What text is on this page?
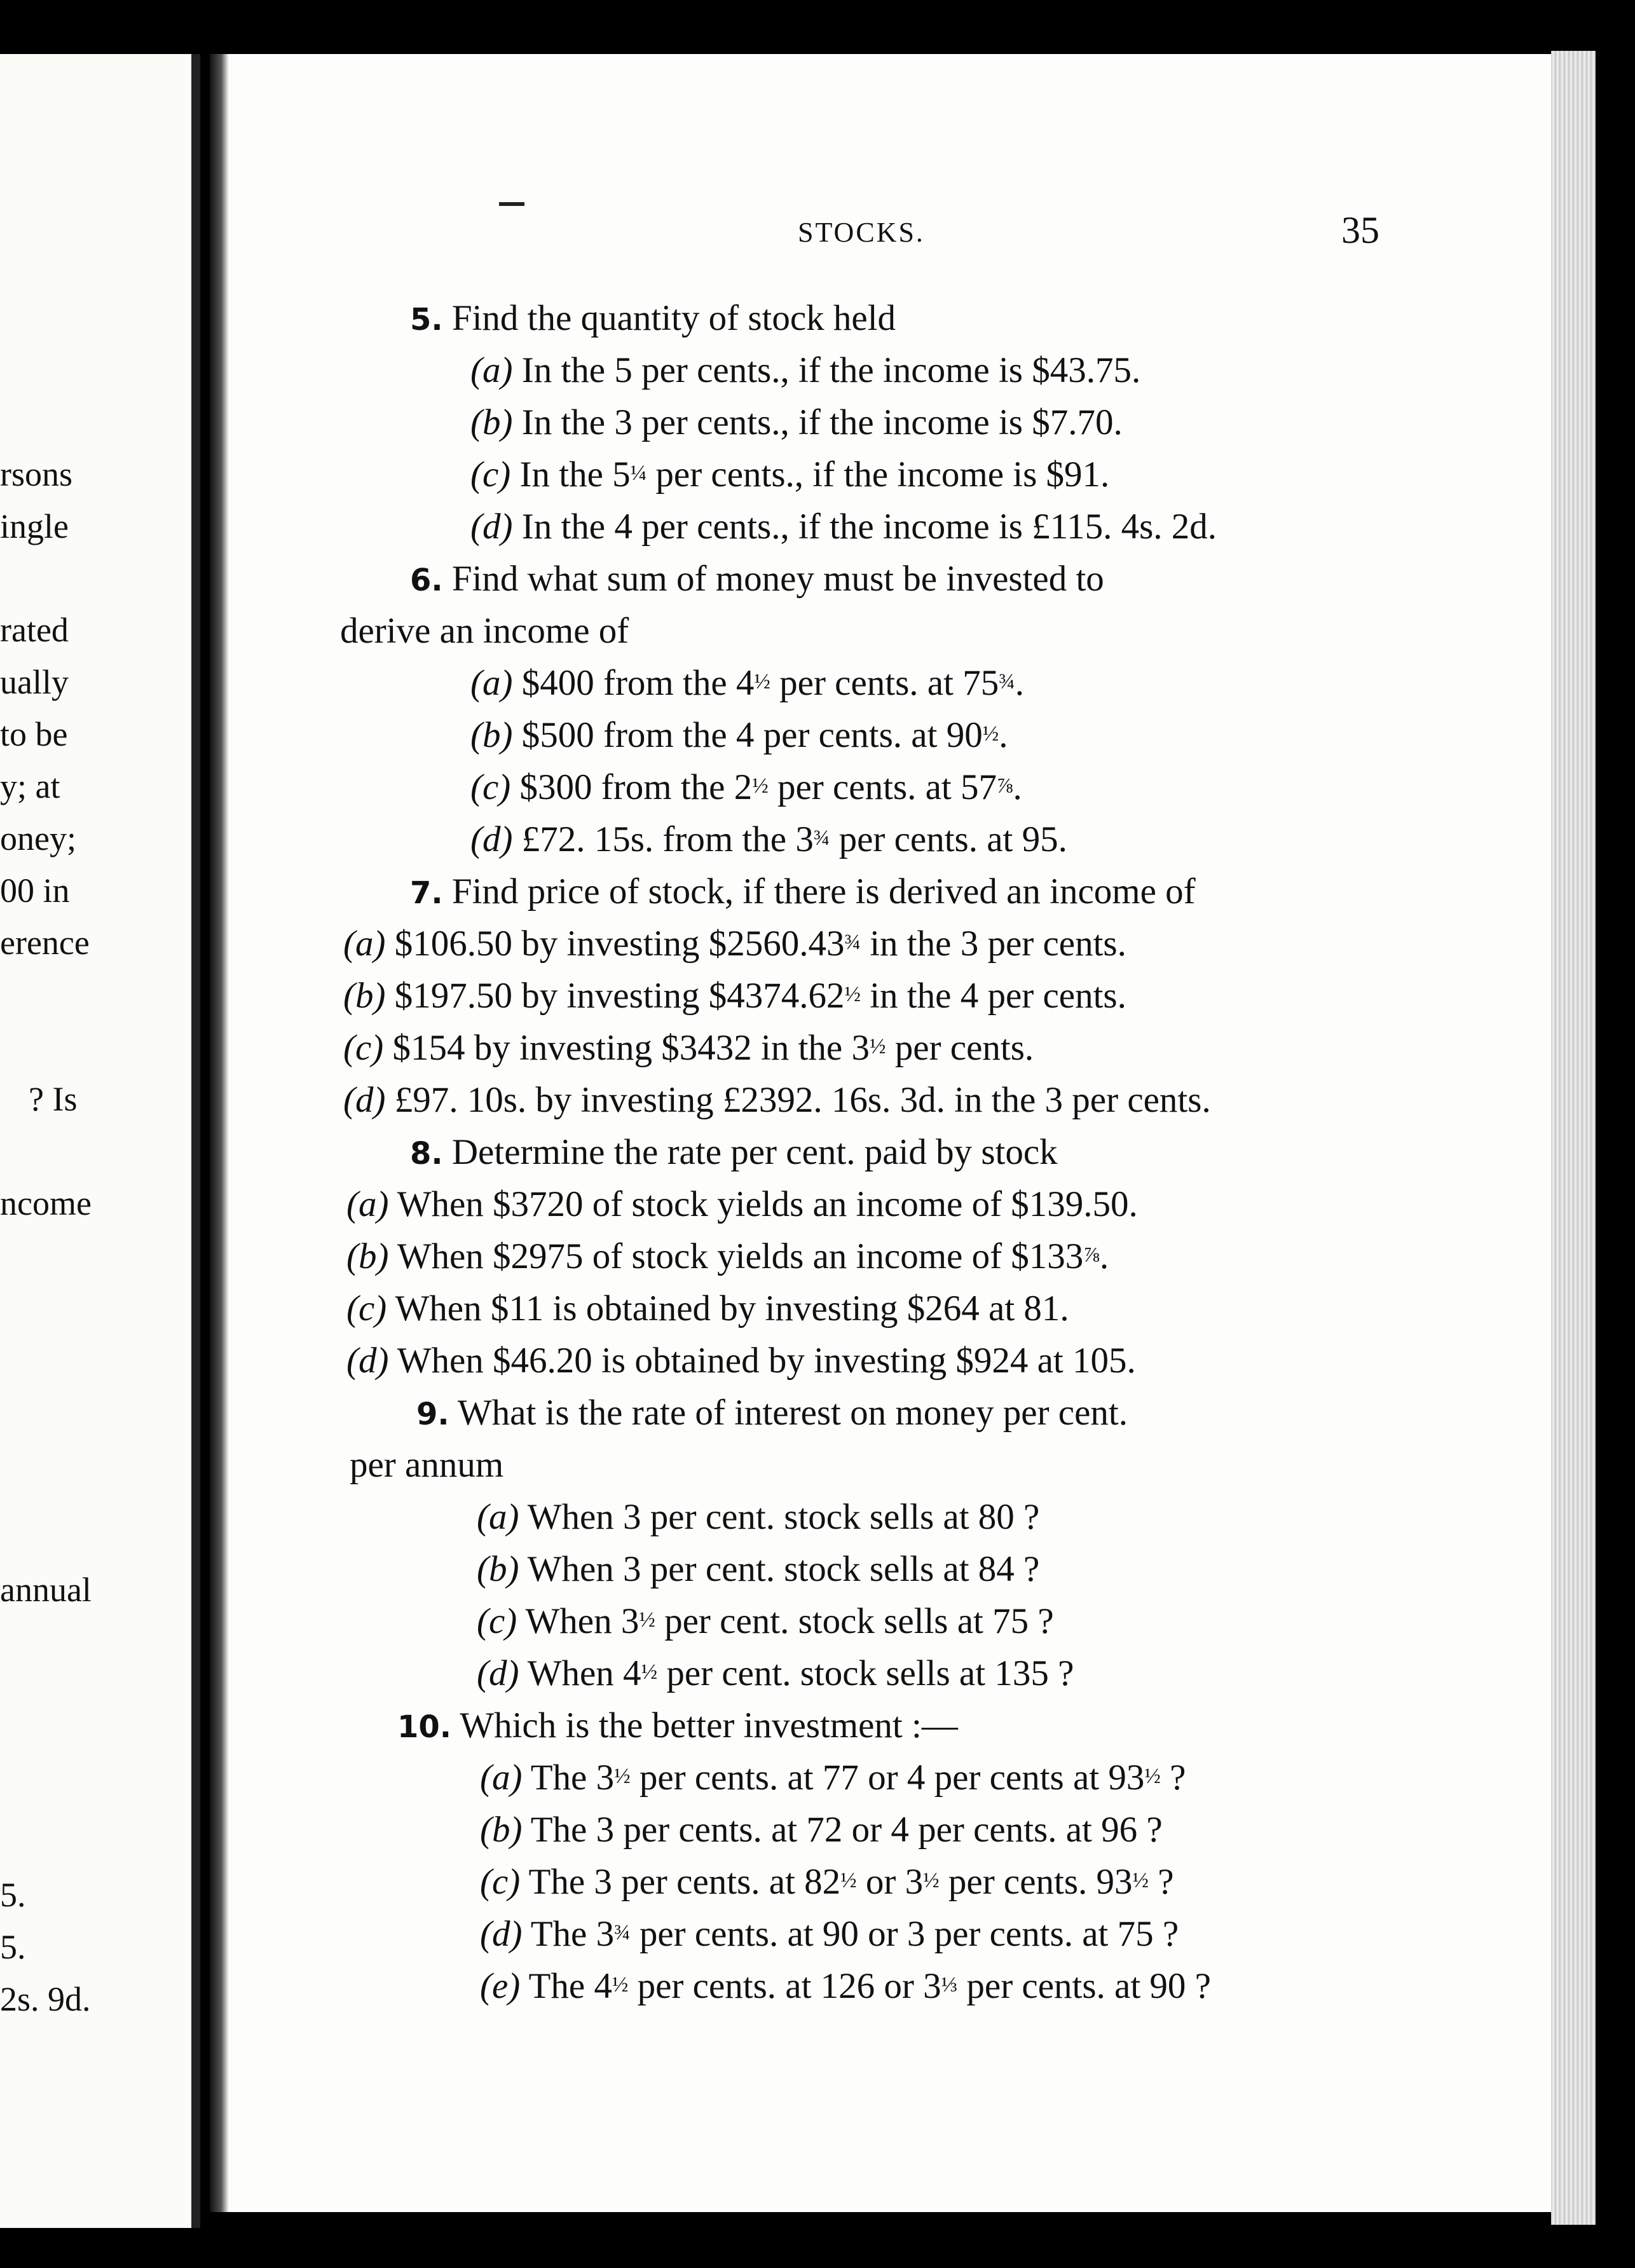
rsons
ingle
rated
ually
to be
y; at
oney;
00 in
erence
? Is
ncome
annual
5.
5.
2s. 9d.
STOCKS.	35
5. Find the quantity of stock held
(a) In the 5 per cents., if the income is $43.75.
(b) In the 3 per cents., if the income is $7.70.
(c) In the 5¼ per cents., if the income is $91.
(d) In the 4 per cents., if the income is £115. 4s. 2d.
6. Find what sum of money must be invested to
derive an income of
(a) $400 from the 4½ per cents. at 75¾.
(b) $500 from the 4 per cents. at 90½.
(c) $300 from the 2½ per cents. at 57⅞.
(d) £72. 15s. from the 3¾ per cents. at 95.
7. Find price of stock, if there is derived an income of
(a) $106.50 by investing $2560.43¾ in the 3 per cents.
(b) $197.50 by investing $4374.62½ in the 4 per cents.
(c) $154 by investing $3432 in the 3½ per cents.
(d) £97. 10s. by investing £2392. 16s. 3d. in the 3 per cents.
8. Determine the rate per cent. paid by stock
(a) When $3720 of stock yields an income of $139.50.
(b) When $2975 of stock yields an income of $133⅞.
(c) When $11 is obtained by investing $264 at 81.
(d) When $46.20 is obtained by investing $924 at 105.
9. What is the rate of interest on money per cent.
per annum
(a) When 3 per cent. stock sells at 80 ?
(b) When 3 per cent. stock sells at 84 ?
(c) When 3½ per cent. stock sells at 75 ?
(d) When 4½ per cent. stock sells at 135 ?
10. Which is the better investment :—
(a) The 3½ per cents. at 77 or 4 per cents at 93½ ?
(b) The 3 per cents. at 72 or 4 per cents. at 96 ?
(c) The 3 per cents. at 82½ or 3½ per cents. 93½ ?
(d) The 3¾ per cents. at 90 or 3 per cents. at 75 ?
(e) The 4½ per cents. at 126 or 3⅓ per cents. at 90 ?
